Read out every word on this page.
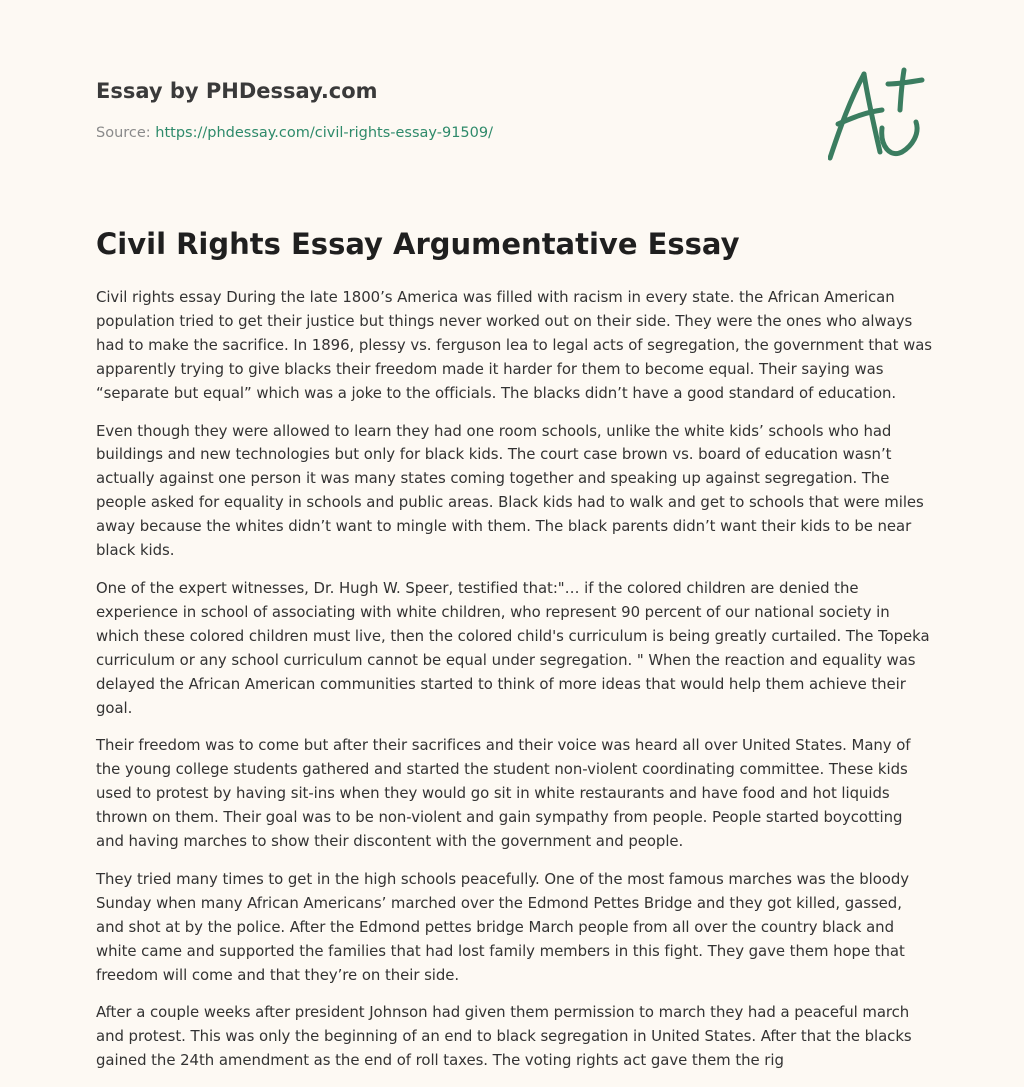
Essay by PHDessay.com
Source: https://phdessay.com/civil-rights-essay-91509/
Civil Rights Essay Argumentative Essay

Civil rights essay During the late 1800’s America was filled with racism in every state. the African American population tried to get their justice but things never worked out on their side. They were the ones who always had to make the sacrifice. In 1896, plessy vs. ferguson lea to legal acts of segregation, the government that was apparently trying to give blacks their freedom made it harder for them to become equal. Their saying was “separate but equal” which was a joke to the officials. The blacks didn’t have a good standard of education.

Even though they were allowed to learn they had one room schools, unlike the white kids’ schools who had buildings and new technologies but only for black kids. The court case brown vs. board of education wasn’t actually against one person it was many states coming together and speaking up against segregation. The people asked for equality in schools and public areas. Black kids had to walk and get to schools that were miles away because the whites didn’t want to mingle with them. The black parents didn’t want their kids to be near black kids.

One of the expert witnesses, Dr. Hugh W. Speer, testified that:"… if the colored children are denied the experience in school of associating with white children, who represent 90 percent of our national society in which these colored children must live, then the colored child's curriculum is being greatly curtailed. The Topeka curriculum or any school curriculum cannot be equal under segregation. " When the reaction and equality was delayed the African American communities started to think of more ideas that would help them achieve their goal.

Their freedom was to come but after their sacrifices and their voice was heard all over United States. Many of the young college students gathered and started the student non-violent coordinating committee. These kids used to protest by having sit-ins when they would go sit in white restaurants and have food and hot liquids thrown on them. Their goal was to be non-violent and gain sympathy from people. People started boycotting and having marches to show their discontent with the government and people.

They tried many times to get in the high schools peacefully. One of the most famous marches was the bloody Sunday when many African Americans’ marched over the Edmond Pettes Bridge and they got killed, gassed, and shot at by the police. After the Edmond pettes bridge March people from all over the country black and white came and supported the families that had lost family members in this fight. They gave them hope that freedom will come and that they’re on their side.

After a couple weeks after president Johnson had given them permission to march they had a peaceful march and protest. This was only the beginning of an end to black segregation in United States. After that the blacks gained the 24th amendment as the end of roll taxes. The voting rights act gave them the rig
